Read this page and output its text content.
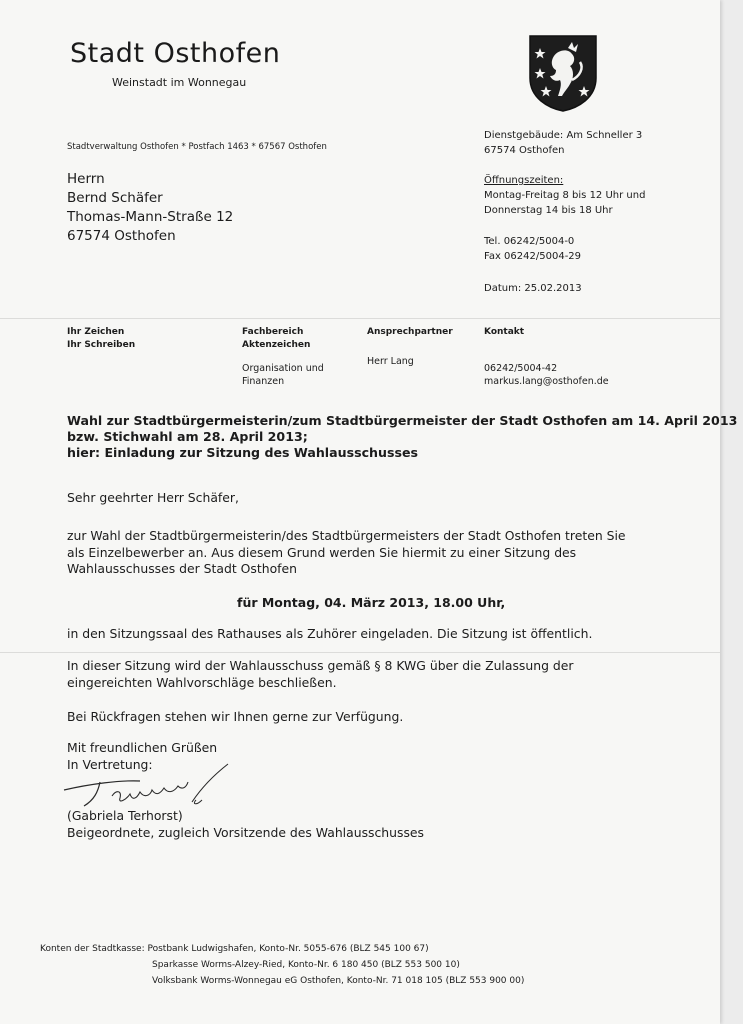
Stadt Osthofen
Weinstadt im Wonnegau
Stadtverwaltung Osthofen * Postfach 1463 * 67567 Osthofen
Herrn
Bernd Schäfer
Thomas-Mann-Straße 12
67574 Osthofen
Dienstgebäude: Am Schneller 3
67574 Osthofen
Öffnungszeiten:
Montag-Freitag 8 bis 12 Uhr und
Donnerstag 14 bis 18 Uhr
Tel. 06242/5004-0
Fax 06242/5004-29
Datum: 25.02.2013
Ihr Zeichen
Ihr Schreiben
Fachbereich
Aktenzeichen
Organisation und
Finanzen
Ansprechpartner
Herr Lang
Kontakt
06242/5004-42
markus.lang@osthofen.de
Wahl zur Stadtbürgermeisterin/zum Stadtbürgermeister der Stadt Osthofen am 14. April 2013
bzw. Stichwahl am 28. April 2013;
hier: Einladung zur Sitzung des Wahlausschusses
Sehr geehrter Herr Schäfer,
zur Wahl der Stadtbürgermeisterin/des Stadtbürgermeisters der Stadt Osthofen treten Sie
als Einzelbewerber an. Aus diesem Grund werden Sie hiermit zu einer Sitzung des
Wahlausschusses der Stadt Osthofen
für Montag, 04. März 2013, 18.00 Uhr,
in den Sitzungssaal des Rathauses als Zuhörer eingeladen. Die Sitzung ist öffentlich.
In dieser Sitzung wird der Wahlausschuss gemäß § 8 KWG über die Zulassung der
eingereichten Wahlvorschläge beschließen.
Bei Rückfragen stehen wir Ihnen gerne zur Verfügung.
Mit freundlichen Grüßen
In Vertretung:
(Gabriela Terhorst)
Beigeordnete, zugleich Vorsitzende des Wahlausschusses
Konten der Stadtkasse: Postbank Ludwigshafen, Konto-Nr. 5055-676 (BLZ 545 100 67)
Sparkasse Worms-Alzey-Ried, Konto-Nr. 6 180 450 (BLZ 553 500 10)
Volksbank Worms-Wonnegau eG Osthofen, Konto-Nr. 71 018 105 (BLZ 553 900 00)
